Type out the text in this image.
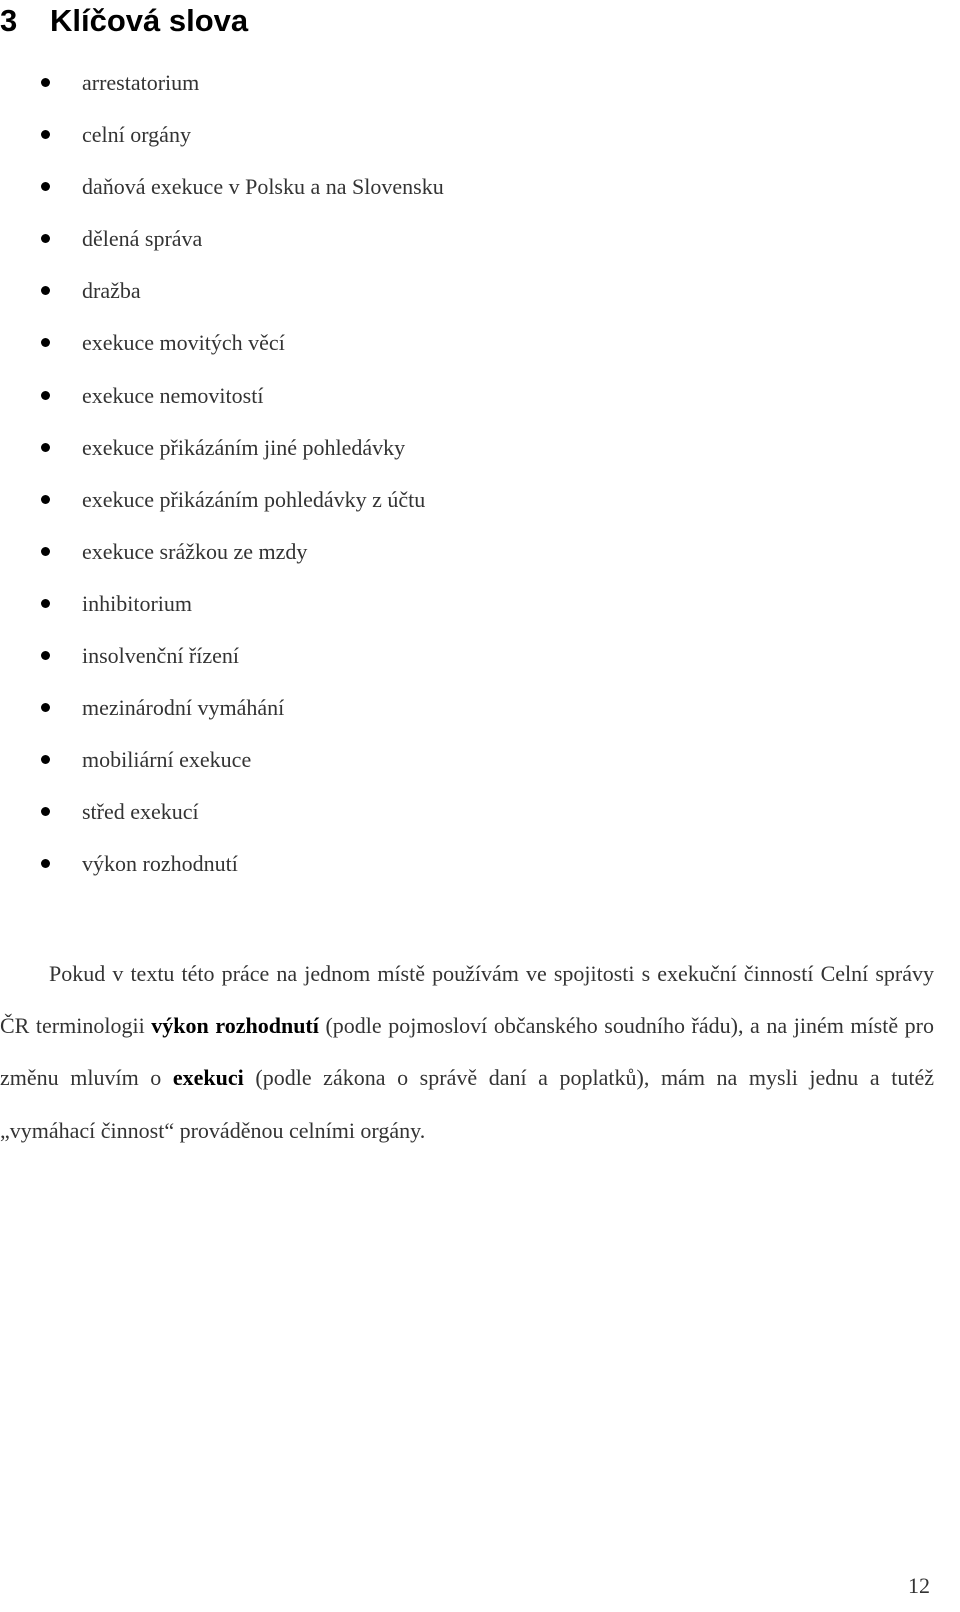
3 Klíčová slova
arrestatorium
celní orgány
daňová exekuce v Polsku a na Slovensku
dělená správa
dražba
exekuce movitých věcí
exekuce nemovitostí
exekuce přikázáním jiné pohledávky
exekuce přikázáním pohledávky z účtu
exekuce srážkou ze mzdy
inhibitorium
insolvenční řízení
mezinárodní vymáhání
mobiliární exekuce
střed exekucí
výkon rozhodnutí

Pokud v textu této práce na jednom místě používám ve spojitosti s exekuční činností Celní správy ČR terminologii výkon rozhodnutí (podle pojmosloví občanského soudního řádu), a na jiném místě pro změnu mluvím o exekuci (podle zákona o správě daní a poplatků), mám na mysli jednu a tutéž „vymáhací činnost“ prováděnou celními orgány.

12
